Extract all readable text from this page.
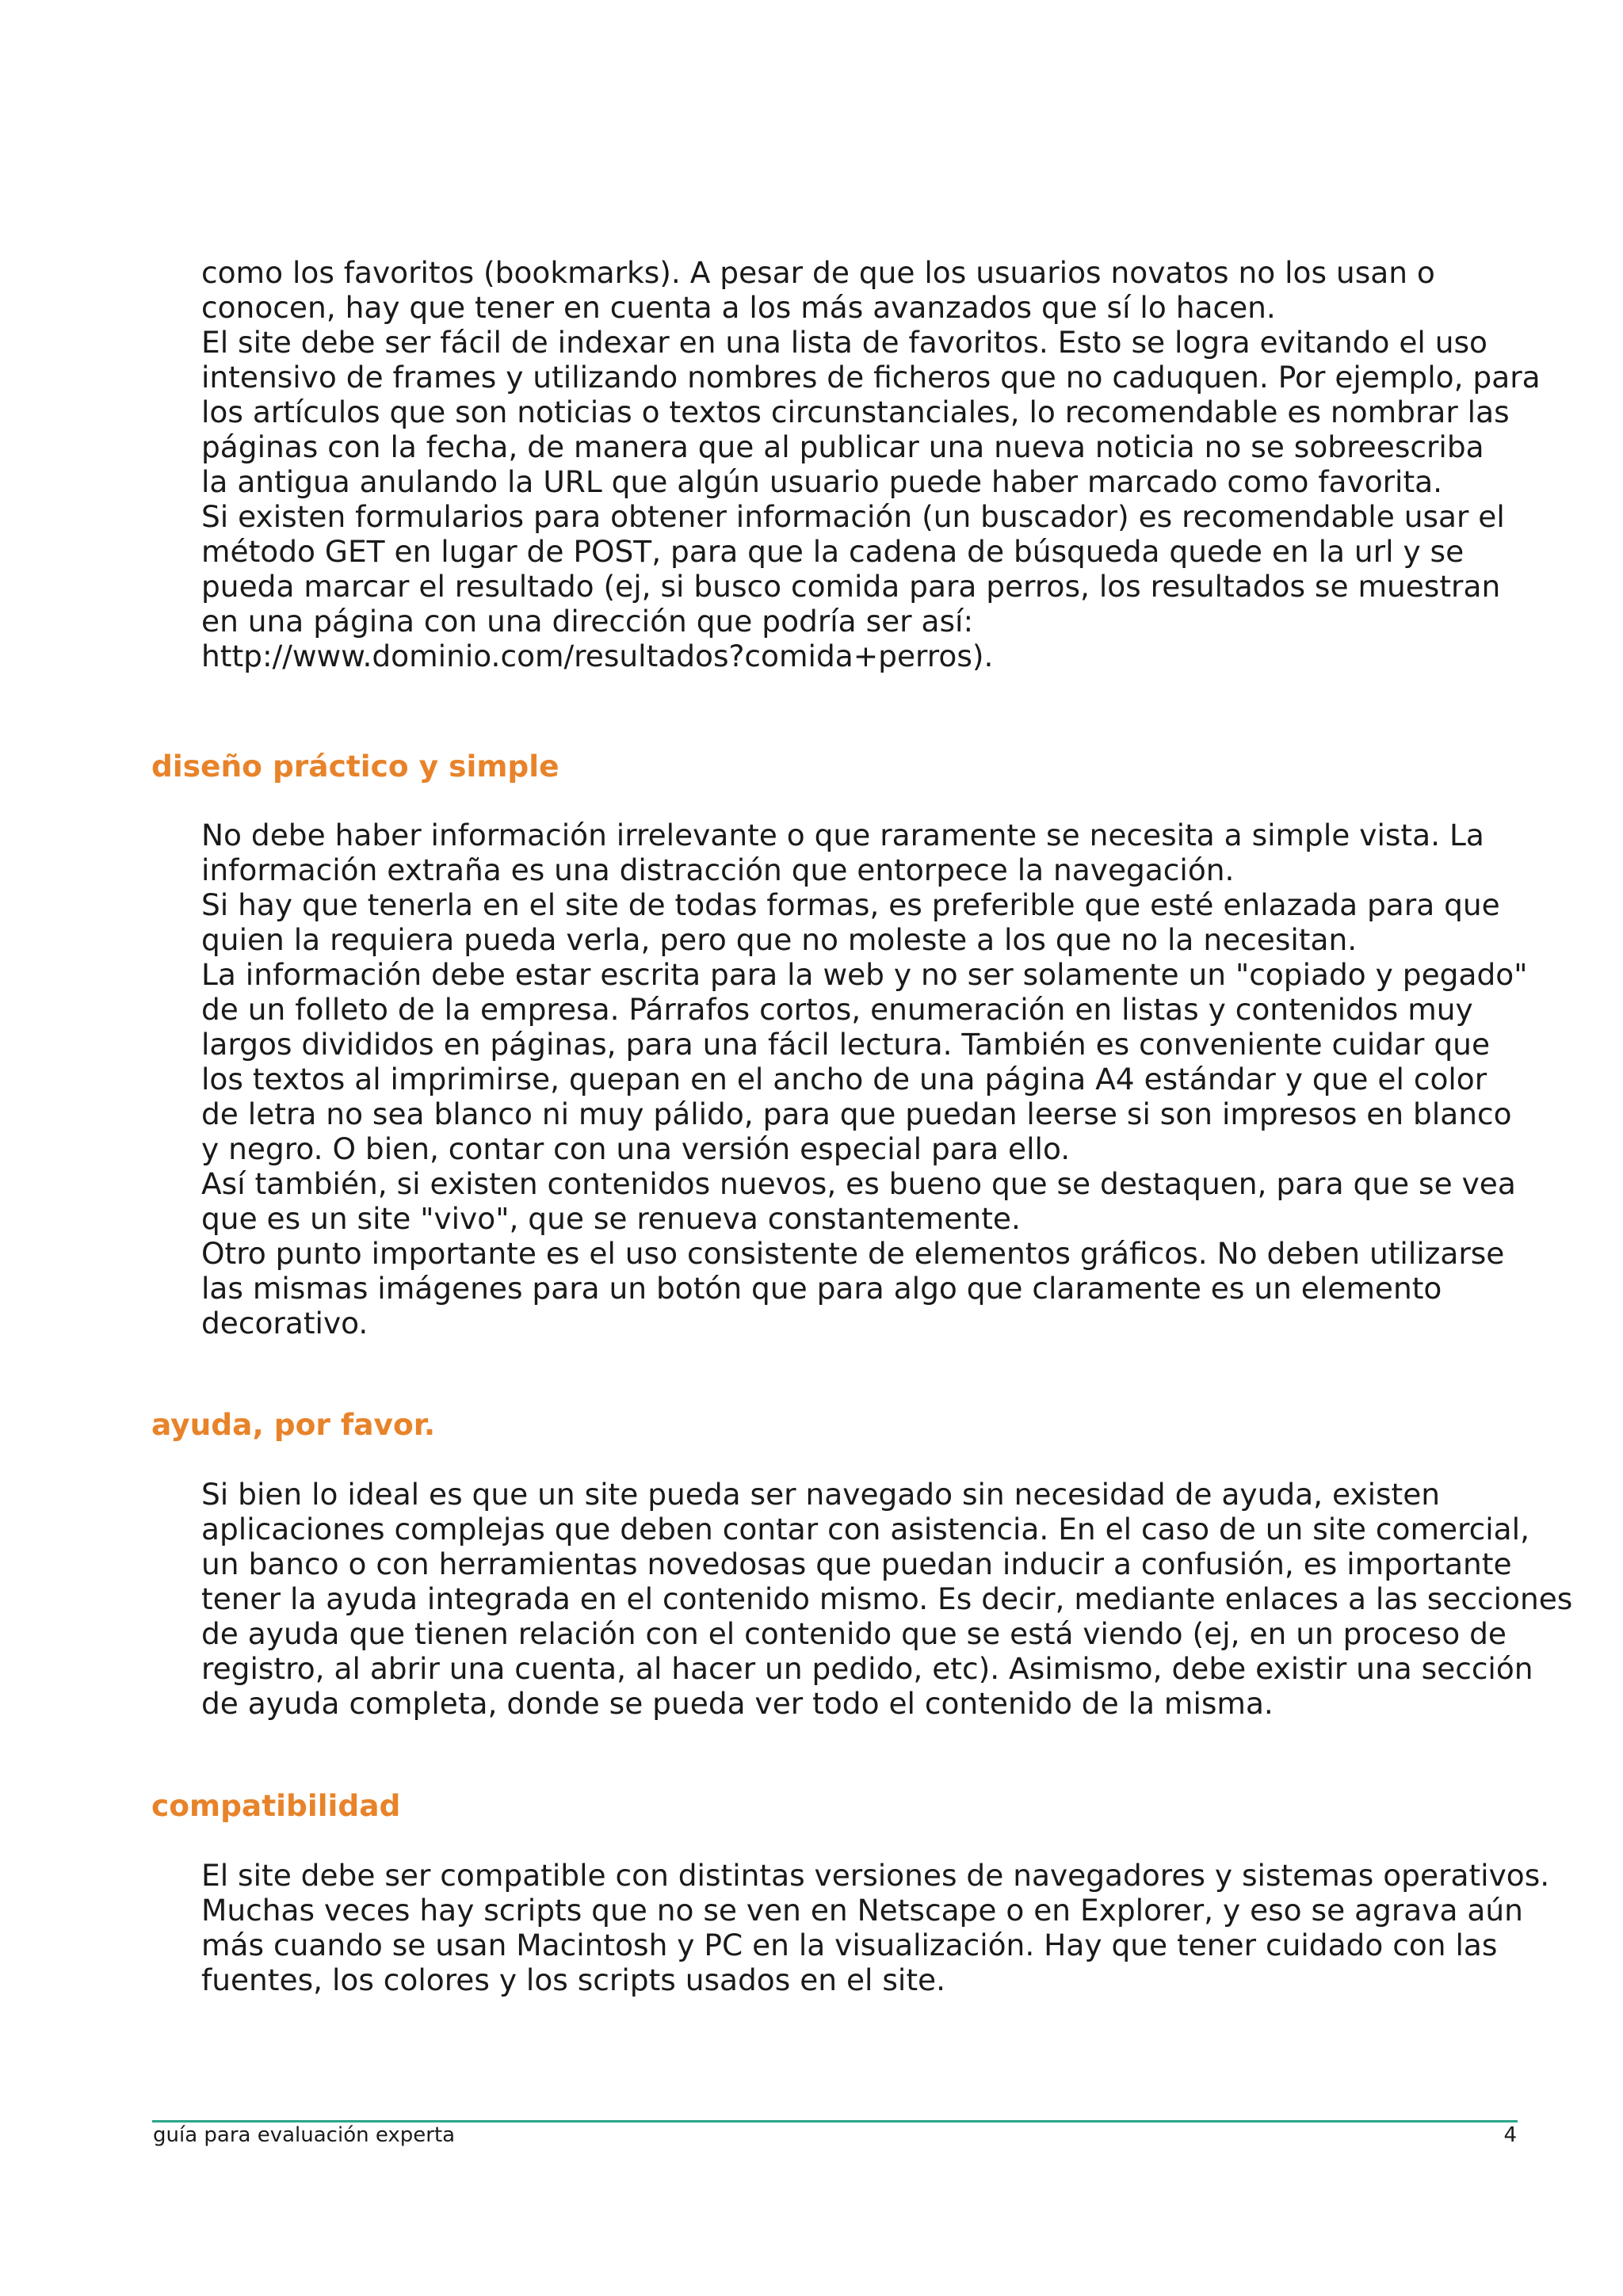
como los favoritos (bookmarks). A pesar de que los usuarios novatos no los usan o
conocen, hay que tener en cuenta a los más avanzados que sí lo hacen.
El site debe ser fácil de indexar en una lista de favoritos. Esto se logra evitando el uso
intensivo de frames y utilizando nombres de ficheros que no caduquen. Por ejemplo, para
los artículos que son noticias o textos circunstanciales, lo recomendable es nombrar las
páginas con la fecha, de manera que al publicar una nueva noticia no se sobreescriba
la antigua anulando la URL que algún usuario puede haber marcado como favorita.
Si existen formularios para obtener información (un buscador) es recomendable usar el
método GET en lugar de POST, para que la cadena de búsqueda quede en la url y se
pueda marcar el resultado (ej, si busco comida para perros, los resultados se muestran
en una página con una dirección que podría ser así:
http://www.dominio.com/resultados?comida+perros).

diseño práctico y simple

No debe haber información irrelevante o que raramente se necesita a simple vista. La
información extraña es una distracción que entorpece la navegación.
Si hay que tenerla en el site de todas formas, es preferible que esté enlazada para que
quien la requiera pueda verla, pero que no moleste a los que no la necesitan.
La información debe estar escrita para la web y no ser solamente un "copiado y pegado"
de un folleto de la empresa. Párrafos cortos, enumeración en listas y contenidos muy
largos divididos en páginas, para una fácil lectura. También es conveniente cuidar que
los textos al imprimirse, quepan en el ancho de una página A4 estándar y que el color
de letra no sea blanco ni muy pálido, para que puedan leerse si son impresos en blanco
y negro. O bien, contar con una versión especial para ello.
Así también, si existen contenidos nuevos, es bueno que se destaquen, para que se vea
que es un site "vivo", que se renueva constantemente.
Otro punto importante es el uso consistente de elementos gráficos. No deben utilizarse
las mismas imágenes para un botón que para algo que claramente es un elemento
decorativo.

ayuda, por favor.

Si bien lo ideal es que un site pueda ser navegado sin necesidad de ayuda, existen
aplicaciones complejas que deben contar con asistencia. En el caso de un site comercial,
un banco o con herramientas novedosas que puedan inducir a confusión, es importante
tener la ayuda integrada en el contenido mismo. Es decir, mediante enlaces a las secciones
de ayuda que tienen relación con el contenido que se está viendo (ej, en un proceso de
registro, al abrir una cuenta, al hacer un pedido, etc). Asimismo, debe existir una sección
de ayuda completa, donde se pueda ver todo el contenido de la misma.

compatibilidad

El site debe ser compatible con distintas versiones de navegadores y sistemas operativos.
Muchas veces hay scripts que no se ven en Netscape o en Explorer, y eso se agrava aún
más cuando se usan Macintosh y PC en la visualización. Hay que tener cuidado con las
fuentes, los colores y los scripts usados en el site.

guía para evaluación experta	4
